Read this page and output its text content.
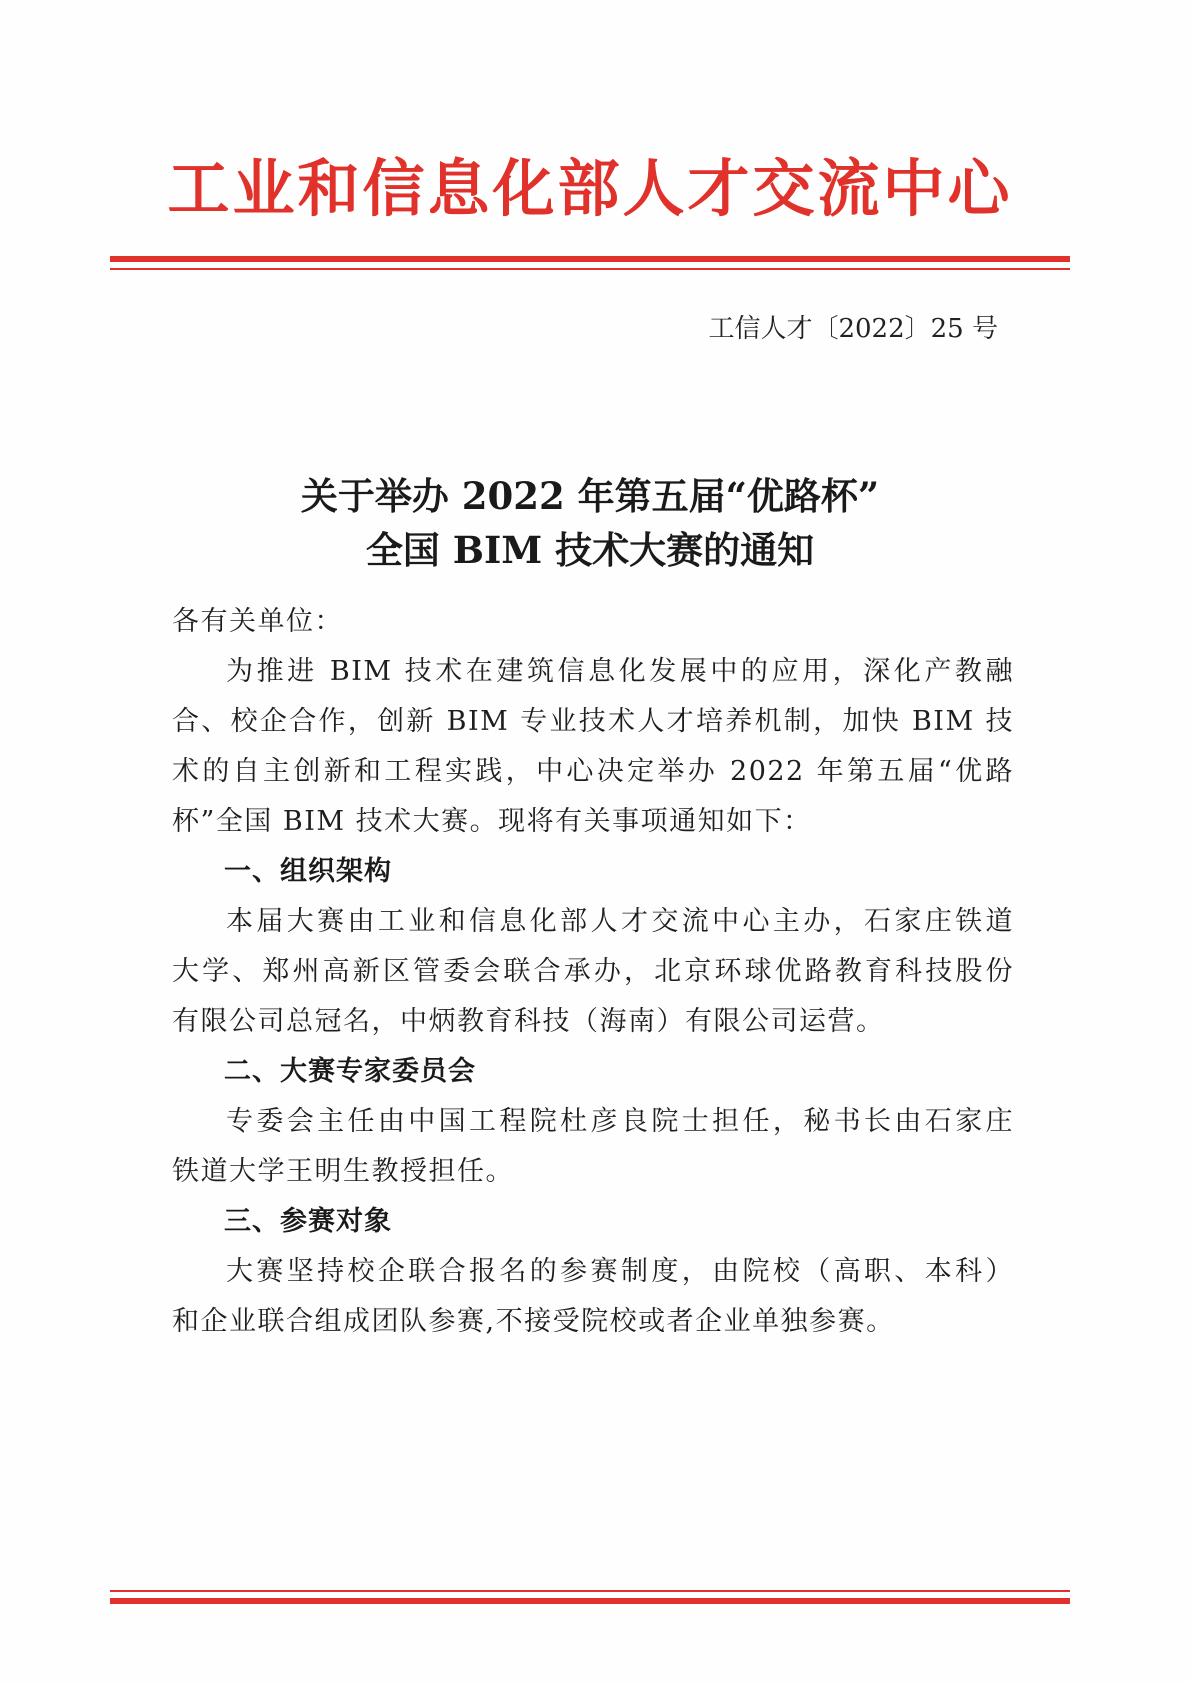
工业和信息化部人才交流中心
工信人才〔2022〕25 号
关于举办 2022 年第五届“优路杯”
全国 BIM 技术大赛的通知
各有关单位：
为推进 BIM 技术在建筑信息化发展中的应用，深化产教融
合、校企合作，创新 BIM 专业技术人才培养机制，加快 BIM 技
术的自主创新和工程实践，中心决定举办 2022 年第五届“优路
杯”全国 BIM 技术大赛。现将有关事项通知如下：
一、组织架构
本届大赛由工业和信息化部人才交流中心主办，石家庄铁道
大学、郑州高新区管委会联合承办，北京环球优路教育科技股份
有限公司总冠名，中炳教育科技（海南）有限公司运营。
二、大赛专家委员会
专委会主任由中国工程院杜彦良院士担任，秘书长由石家庄
铁道大学王明生教授担任。
三、参赛对象
大赛坚持校企联合报名的参赛制度，由院校（高职、本科）
和企业联合组成团队参赛,不接受院校或者企业单独参赛。
